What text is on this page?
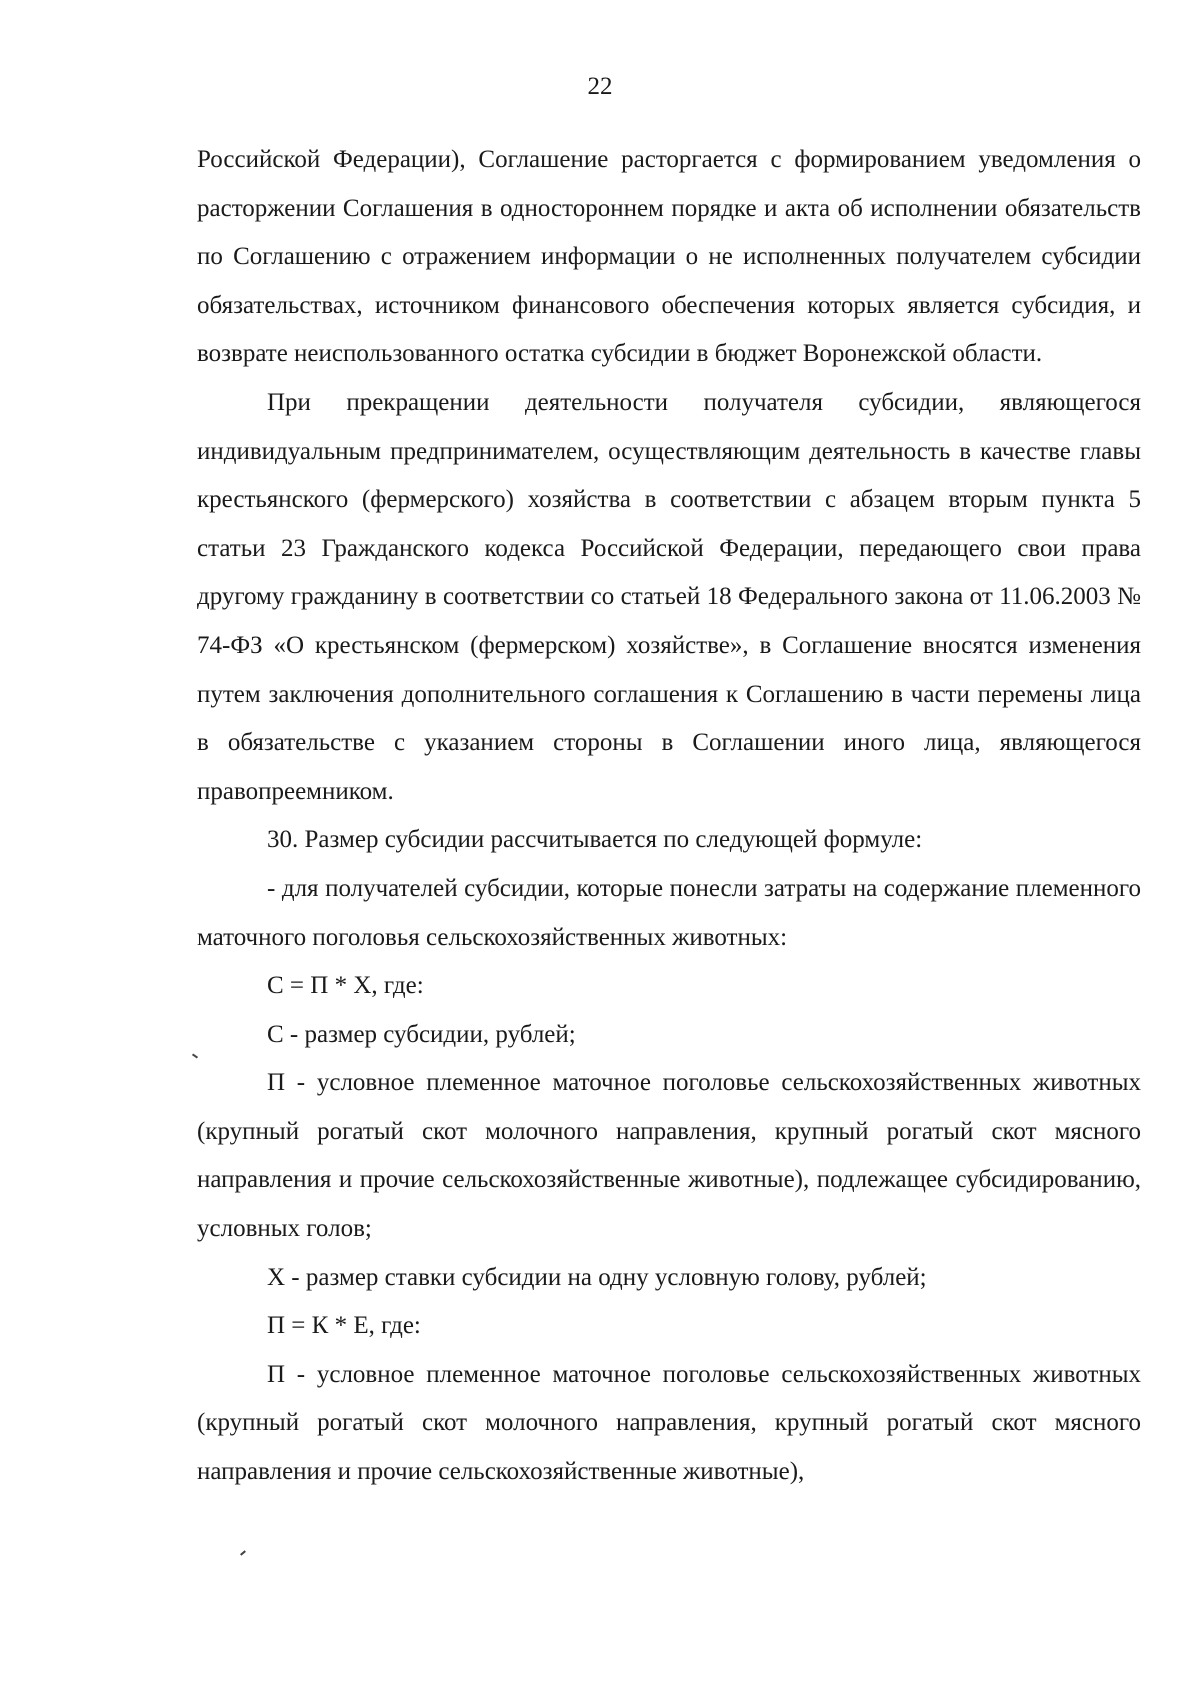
22

Российской Федерации), Соглашение расторгается с формированием уведомления о расторжении Соглашения в одностороннем порядке и акта об исполнении обязательств по Соглашению с отражением информации о не исполненных получателем субсидии обязательствах, источником финансового обеспечения которых является субсидия, и возврате неиспользованного остатка субсидии в бюджет Воронежской области.

При прекращении деятельности получателя субсидии, являющегося индивидуальным предпринимателем, осуществляющим деятельность в качестве главы крестьянского (фермерского) хозяйства в соответствии с абзацем вторым пункта 5 статьи 23 Гражданского кодекса Российской Федерации, передающего свои права другому гражданину в соответствии со статьей 18 Федерального закона от 11.06.2003 № 74-ФЗ «О крестьянском (фермерском) хозяйстве», в Соглашение вносятся изменения путем заключения дополнительного соглашения к Соглашению в части перемены лица в обязательстве с указанием стороны в Соглашении иного лица, являющегося правопреемником.

30. Размер субсидии рассчитывается по следующей формуле:

- для получателей субсидии, которые понесли затраты на содержание племенного маточного поголовья сельскохозяйственных животных:

С = П * Х, где:

С - размер субсидии, рублей;

П - условное племенное маточное поголовье сельскохозяйственных животных (крупный рогатый скот молочного направления, крупный рогатый скот мясного направления и прочие сельскохозяйственные животные), подлежащее субсидированию, условных голов;

Х - размер ставки субсидии на одну условную голову, рублей;

П = К * Е, где:

П - условное племенное маточное поголовье сельскохозяйственных животных (крупный рогатый скот молочного направления, крупный рогатый скот мясного направления и прочие сельскохозяйственные животные),
